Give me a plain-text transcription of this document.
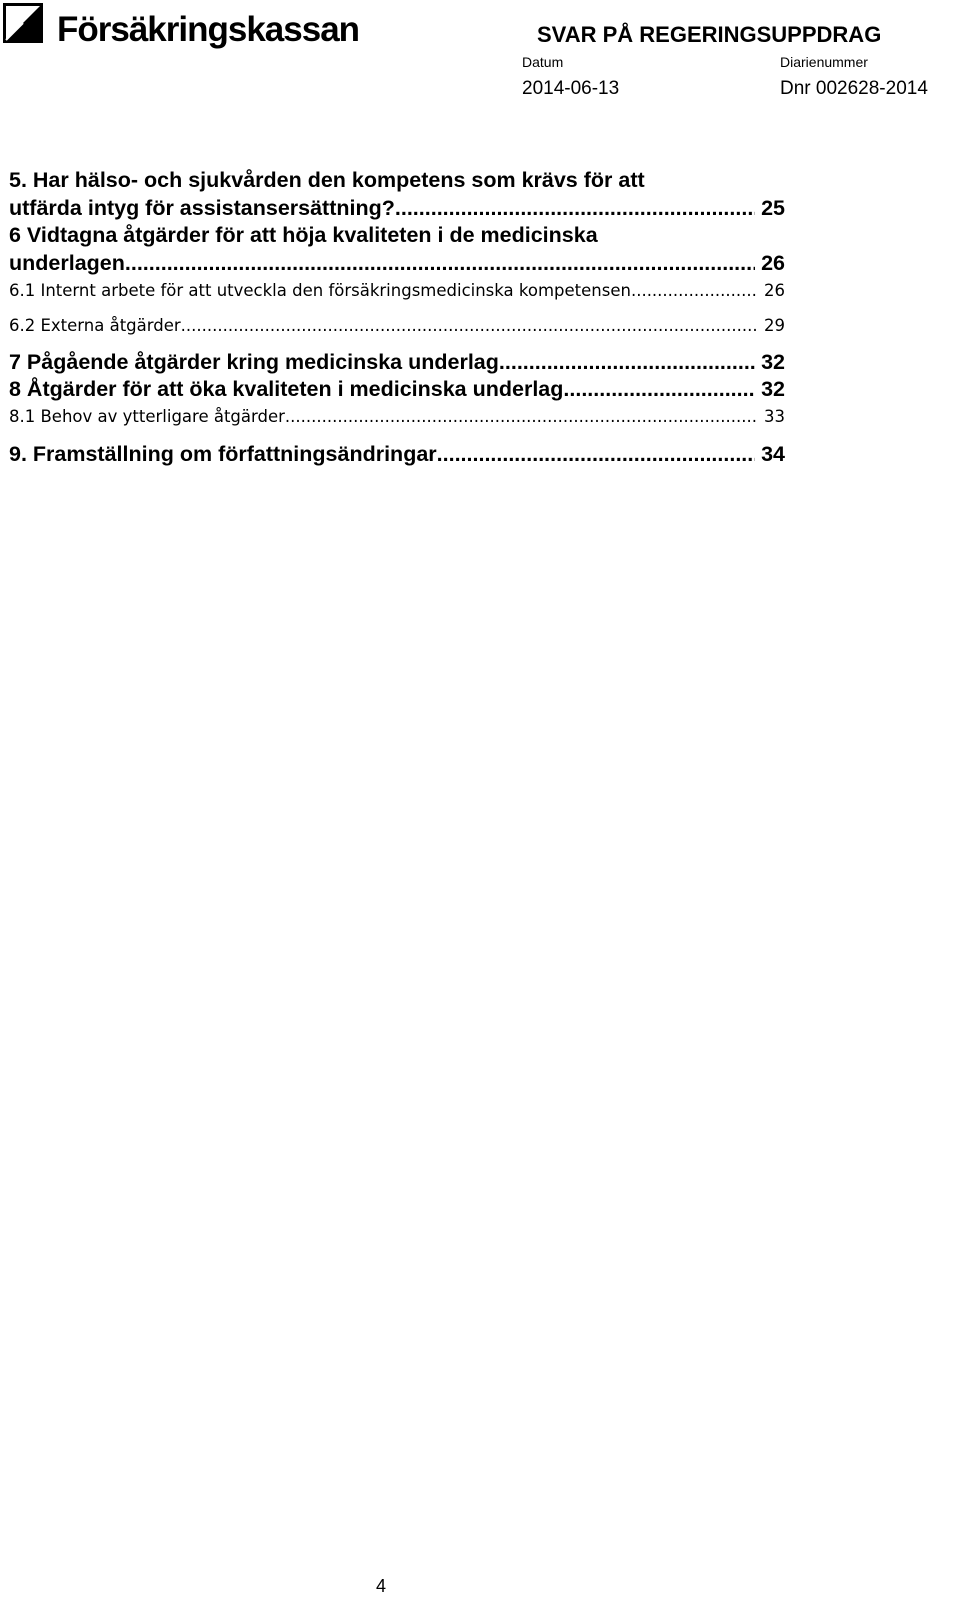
Försäkringskassan	SVAR PÅ REGERINGSUPPDRAG
Datum	Diarienummer
2014-06-13	Dnr 002628-2014
5. Har hälso- och sjukvården den kompetens som krävs för att
utfärda intyg för assistansersättning? .....	25
6 Vidtagna åtgärder för att höja kvaliteten i de medicinska
underlagen. .....	26
6.1 Internt arbete för att utveckla den försäkringsmedicinska kompetensen .....	26
6.2 Externa åtgärder .....	29
7 Pågående åtgärder kring medicinska underlag .....	32
8 Åtgärder för att öka kvaliteten i medicinska underlag .....	32
8.1 Behov av ytterligare åtgärder .....	33
9. Framställning om författningsändringar .....	34
4
